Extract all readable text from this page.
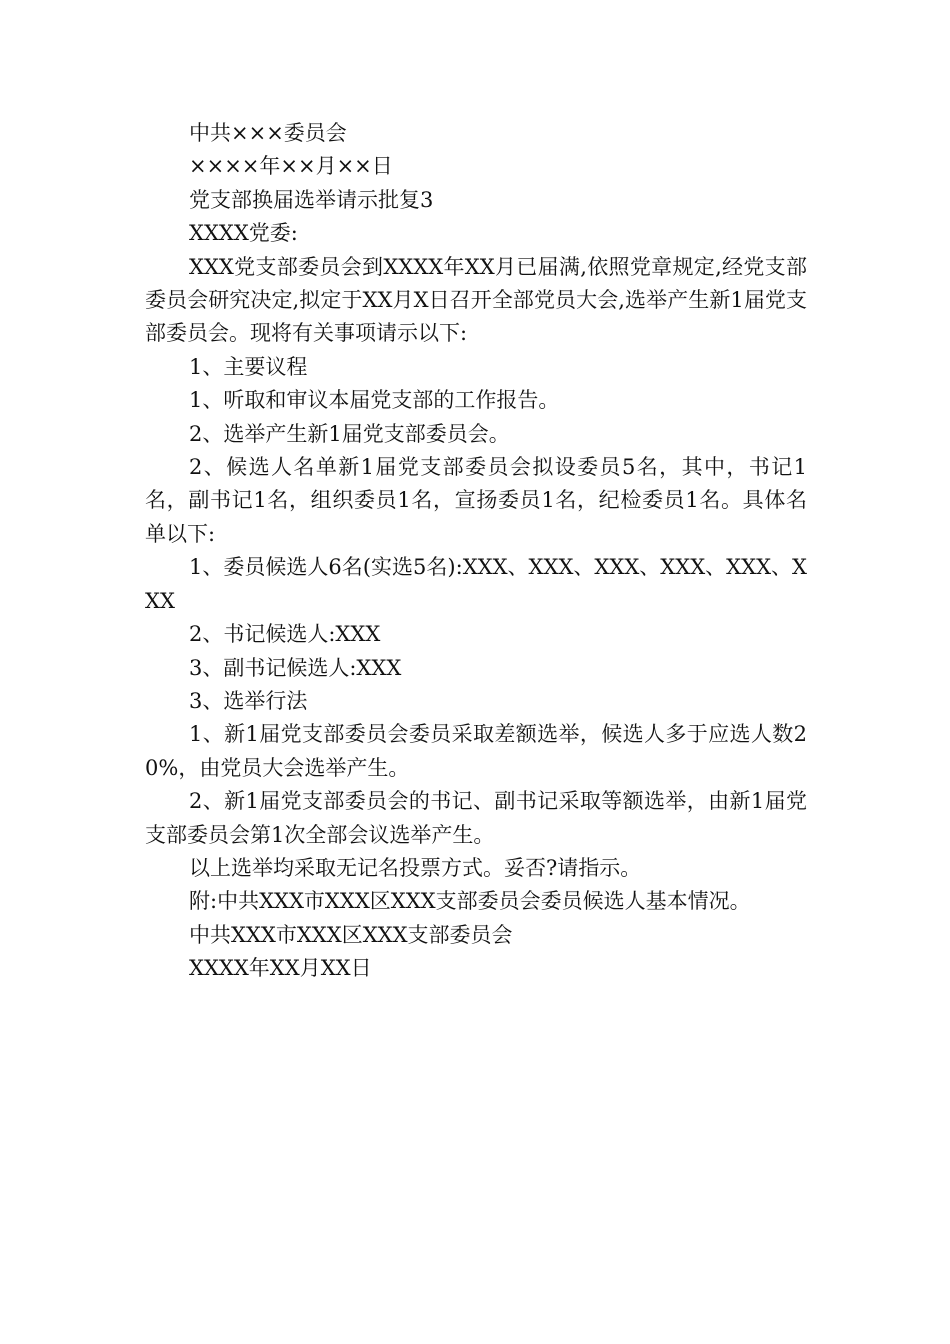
中共×××委员会

××××年××月××日

党支部换届选举请示批复3

XXXX党委:

XXX党支部委员会到XXXX年XX月已届满,依照党章规定,经党支部委员会研究决定,拟定于XX月X日召开全部党员大会,选举产生新1届党支部委员会。现将有关事项请示以下:

1、主要议程

1、听取和审议本届党支部的工作报告。

2、选举产生新1届党支部委员会。

2、候选人名单新1届党支部委员会拟设委员5名，其中，书记1名，副书记1名，组织委员1名，宣扬委员1名，纪检委员1名。具体名单以下:

1、委员候选人6名(实选5名):XXX、XXX、XXX、XXX、XXX、XXX

2、书记候选人:XXX

3、副书记候选人:XXX

3、选举行法

1、新1届党支部委员会委员采取差额选举，候选人多于应选人数20%，由党员大会选举产生。

2、新1届党支部委员会的书记、副书记采取等额选举，由新1届党支部委员会第1次全部会议选举产生。

以上选举均采取无记名投票方式。妥否?请指示。

附:中共XXX市XXX区XXX支部委员会委员候选人基本情况。

中共XXX市XXX区XXX支部委员会

XXXX年XX月XX日
